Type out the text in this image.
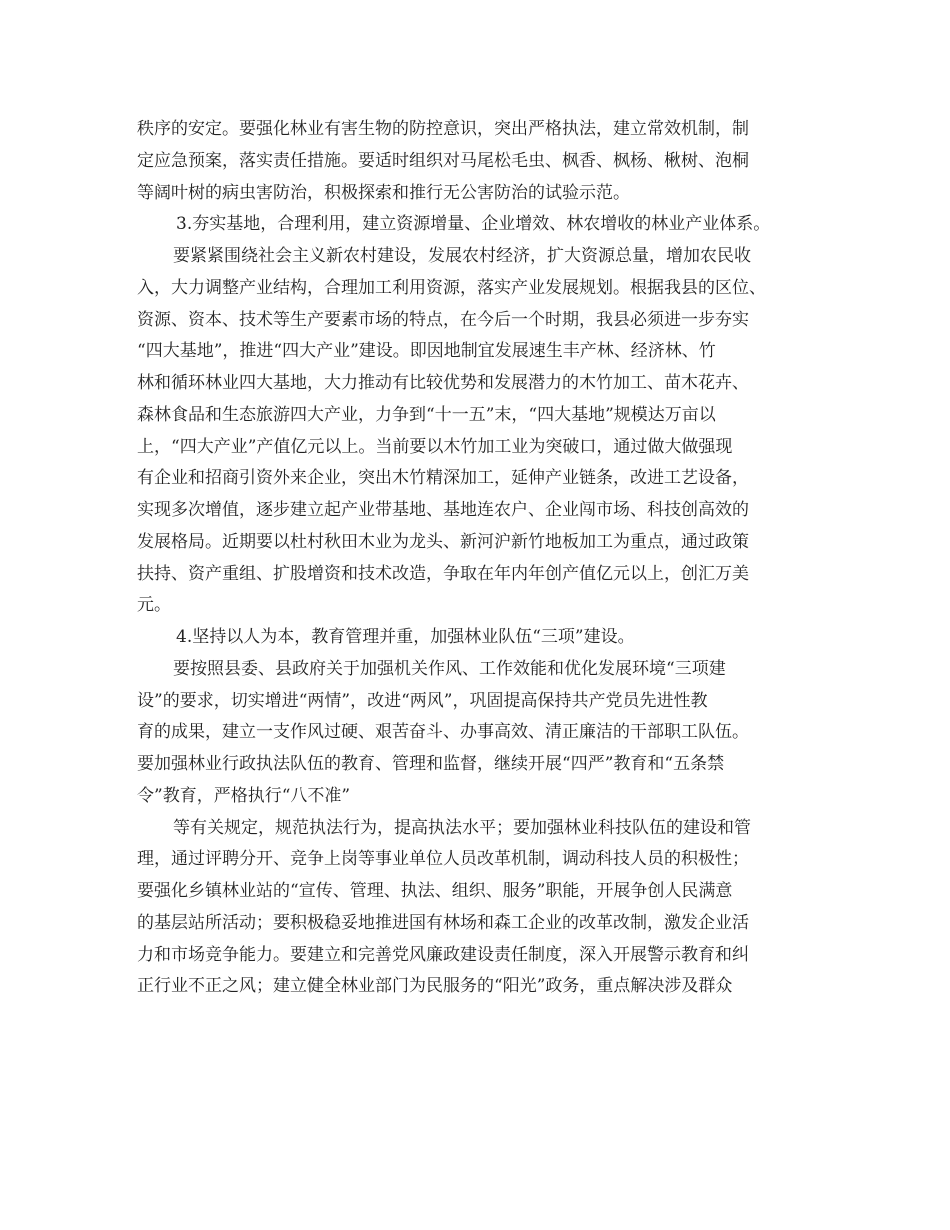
秩序的安定。要强化林业有害生物的防控意识，突出严格执法，建立常效机制，制
定应急预案，落实责任措施。要适时组织对马尾松毛虫、枫香、枫杨、楸树、泡桐
等阔叶树的病虫害防治，积极探索和推行无公害防治的试验示范。
3.夯实基地，合理利用，建立资源增量、企业增效、林农增收的林业产业体系。
要紧紧围绕社会主义新农村建设，发展农村经济，扩大资源总量，增加农民收
入，大力调整产业结构，合理加工利用资源，落实产业发展规划。根据我县的区位、
资源、资本、技术等生产要素市场的特点，在今后一个时期，我县必须进一步夯实
“四大基地”，推进“四大产业”建设。即因地制宜发展速生丰产林、经济林、竹
林和循环林业四大基地，大力推动有比较优势和发展潜力的木竹加工、苗木花卉、
森林食品和生态旅游四大产业，力争到“十一五”末，“四大基地”规模达万亩以
上，“四大产业”产值亿元以上。当前要以木竹加工业为突破口，通过做大做强现
有企业和招商引资外来企业，突出木竹精深加工，延伸产业链条，改进工艺设备，
实现多次增值，逐步建立起产业带基地、基地连农户、企业闯市场、科技创高效的
发展格局。近期要以杜村秋田木业为龙头、新河沪新竹地板加工为重点，通过政策
扶持、资产重组、扩股增资和技术改造，争取在年内年创产值亿元以上，创汇万美
元。
4.坚持以人为本，教育管理并重，加强林业队伍“三项”建设。
要按照县委、县政府关于加强机关作风、工作效能和优化发展环境“三项建
设”的要求，切实增进“两情”，改进“两风”，巩固提高保持共产党员先进性教
育的成果，建立一支作风过硬、艰苦奋斗、办事高效、清正廉洁的干部职工队伍。
要加强林业行政执法队伍的教育、管理和监督，继续开展“四严”教育和“五条禁
令”教育，严格执行“八不准”
等有关规定，规范执法行为，提高执法水平；要加强林业科技队伍的建设和管
理，通过评聘分开、竞争上岗等事业单位人员改革机制，调动科技人员的积极性；
要强化乡镇林业站的“宣传、管理、执法、组织、服务”职能，开展争创人民满意
的基层站所活动；要积极稳妥地推进国有林场和森工企业的改革改制，激发企业活
力和市场竞争能力。要建立和完善党风廉政建设责任制度，深入开展警示教育和纠
正行业不正之风；建立健全林业部门为民服务的“阳光”政务，重点解决涉及群众
